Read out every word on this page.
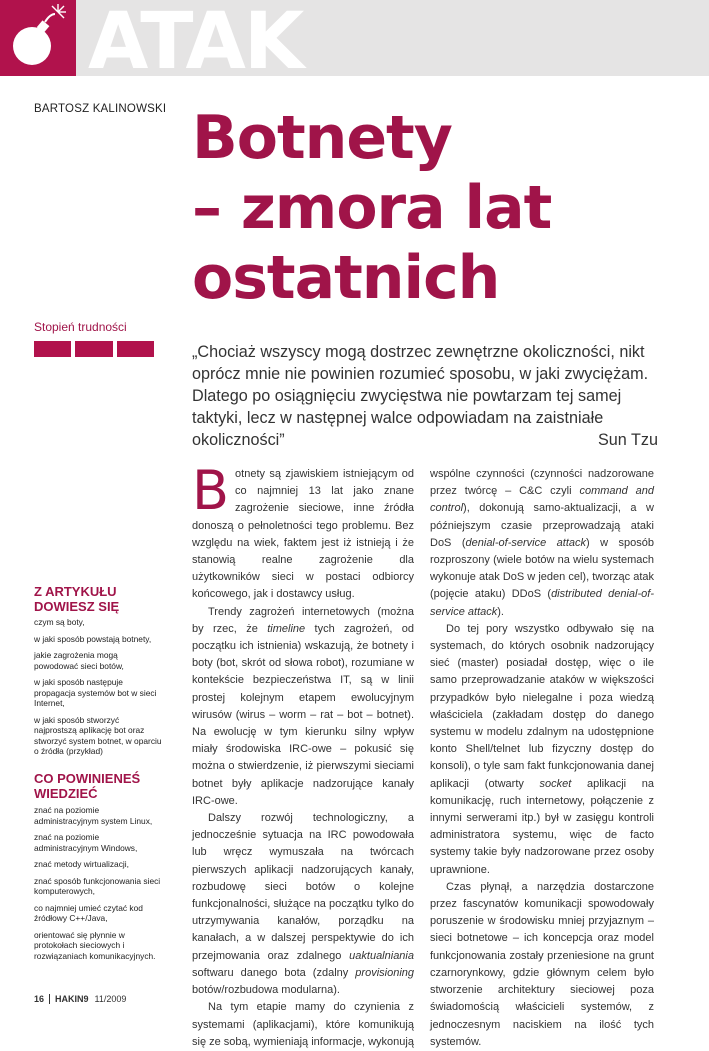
ATAK
BARTOSZ KALINOWSKI Botnety
– zmora lat
ostatnich
Stopień trudności

„Chociaż wszyscy mogą dostrzec zewnętrzne okoliczności, nikt oprócz mnie nie powinien rozumieć sposobu, w jaki zwyciężam. Dlatego po osiągnięciu zwycięstwa nie powtarzam tej samej taktyki, lecz w następnej walce odpowiadam na zaistniałe okoliczności”	Sun Tzu
Z ARTYKUŁU
DOWIESZ SIĘ
czym są boty,
w jaki sposób powstają botnety,
jakie zagrożenia mogą powodować sieci botów,
w jaki sposób następuje propagacja systemów bot w sieci Internet,
w jaki sposób stworzyć najprostszą aplikację bot oraz stworzyć system botnet, w oparciu o źródła (przykład)
CO POWINIENEŚ
WIEDZIEĆ
znać na poziomie administracyjnym system Linux,
znać na poziomie administracyjnym Windows,
znać metody wirtualizacji,
znać sposób funkcjonowania sieci komputerowych,
co najmniej umieć czytać kod źródłowy C++/Java,
orientować się płynnie w protokołach sieciowych i rozwiązaniach komunikacyjnych.

Botnety są zjawiskiem istniejącym od co najmniej 13 lat jako znane zagrożenie sieciowe, inne źródła donoszą o pełnoletności tego problemu. Bez względu na wiek, faktem jest iż istnieją i że stanowią realne zagrożenie dla użytkowników sieci w postaci odbiorcy końcowego, jak i dostawcy usług.

Trendy zagrożeń internetowych (można by rzec, że timeline tych zagrożeń, od początku ich istnienia) wskazują, że botnety i boty (bot, skrót od słowa robot), rozumiane w kontekście bezpieczeństwa IT, są w linii prostej kolejnym etapem ewolucyjnym wirusów (wirus – worm – rat – bot – botnet). Na ewolucję w tym kierunku silny wpływ miały środowiska IRC-owe – pokusić się można o stwierdzenie, iż pierwszymi sieciami botnet były aplikacje nadzorujące kanały IRC-owe.

Dalszy rozwój technologiczny, a jednocześnie sytuacja na IRC powodowała lub wręcz wymuszała na twórcach pierwszych aplikacji nadzorujących kanały, rozbudowę sieci botów o kolejne funkcjonalności, służące na początku tylko do utrzymywania kanałów, porządku na kanałach, a w dalszej perspektywie do ich przejmowania oraz zdalnego uaktualniania softwaru danego bota (zdalny provisioning botów/rozbudowa modularna).

Na tym etapie mamy do czynienia z systemami (aplikacjami), które komunikują się ze sobą, wymieniają informacje, wykonują

wspólne czynności (czynności nadzorowane przez twórcę – C&C czyli command and control), dokonują samo-aktualizacji, a w późniejszym czasie przeprowadzają ataki DoS (denial-of-service attack) w sposób rozproszony (wiele botów na wielu systemach wykonuje atak DoS w jeden cel), tworząc atak (pojęcie ataku) DDoS (distributed denial-of-service attack).

Do tej pory wszystko odbywało się na systemach, do których osobnik nadzorujący sieć (master) posiadał dostęp, więc o ile samo przeprowadzanie ataków w większości przypadków było nielegalne i poza wiedzą właściciela (zakładam dostęp do danego systemu w modelu zdalnym na udostępnione konto Shell/telnet lub fizyczny dostęp do konsoli), o tyle sam fakt funkcjonowania danej aplikacji (otwarty socket aplikacji na komunikację, ruch internetowy, połączenie z innymi serwerami itp.) był w zasięgu kontroli administratora systemu, więc de facto systemy takie były nadzorowane przez osoby uprawnione.

Czas płynął, a narzędzia dostarczone przez fascynatów komunikacji spowodowały poruszenie w środowisku mniej przyjaznym – sieci botnetowe – ich koncepcja oraz model funkcjonowania zostały przeniesione na grunt czarnorynkowy, gdzie głównym celem było stworzenie architektury sieciowej poza świadomością właścicieli systemów, z jednoczesnym naciskiem na ilość tych systemów.

16	HAKIN9 11/2009
